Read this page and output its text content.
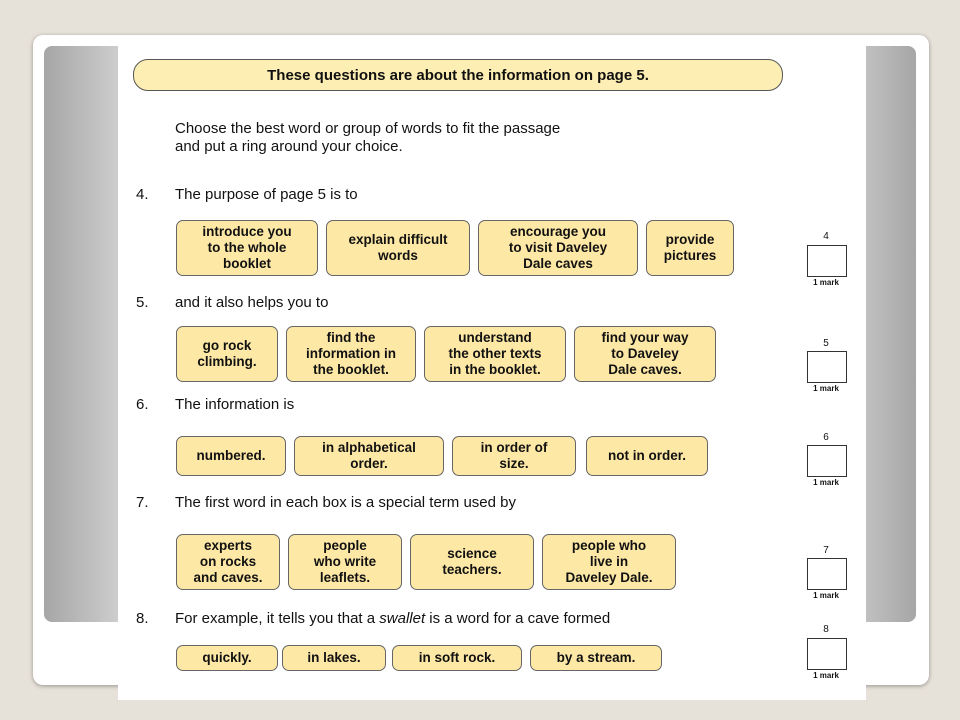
These questions are about the information on page 5.
Choose the best word or group of words to fit the passage
and put a ring around your choice.
4. The purpose of page 5 is to
introduce you
to the whole
booklet
explain difficult
words
encourage you
to visit Daveley
Dale caves
provide
pictures
4
1 mark
5. and it also helps you to
go rock
climbing.
find the
information in
the booklet.
understand
the other texts
in the booklet.
find your way
to Daveley
Dale caves.
5
1 mark
6. The information is
numbered.
in alphabetical
order.
in order of
size.
not in order.
6
1 mark
7. The first word in each box is a special term used by
experts
on rocks
and caves.
people
who write
leaflets.
science
teachers.
people who
live in
Daveley Dale.
7
1 mark
8. For example, it tells you that a swallet is a word for a cave formed
quickly.	in lakes.	in soft rock.	by a stream.
8
1 mark
